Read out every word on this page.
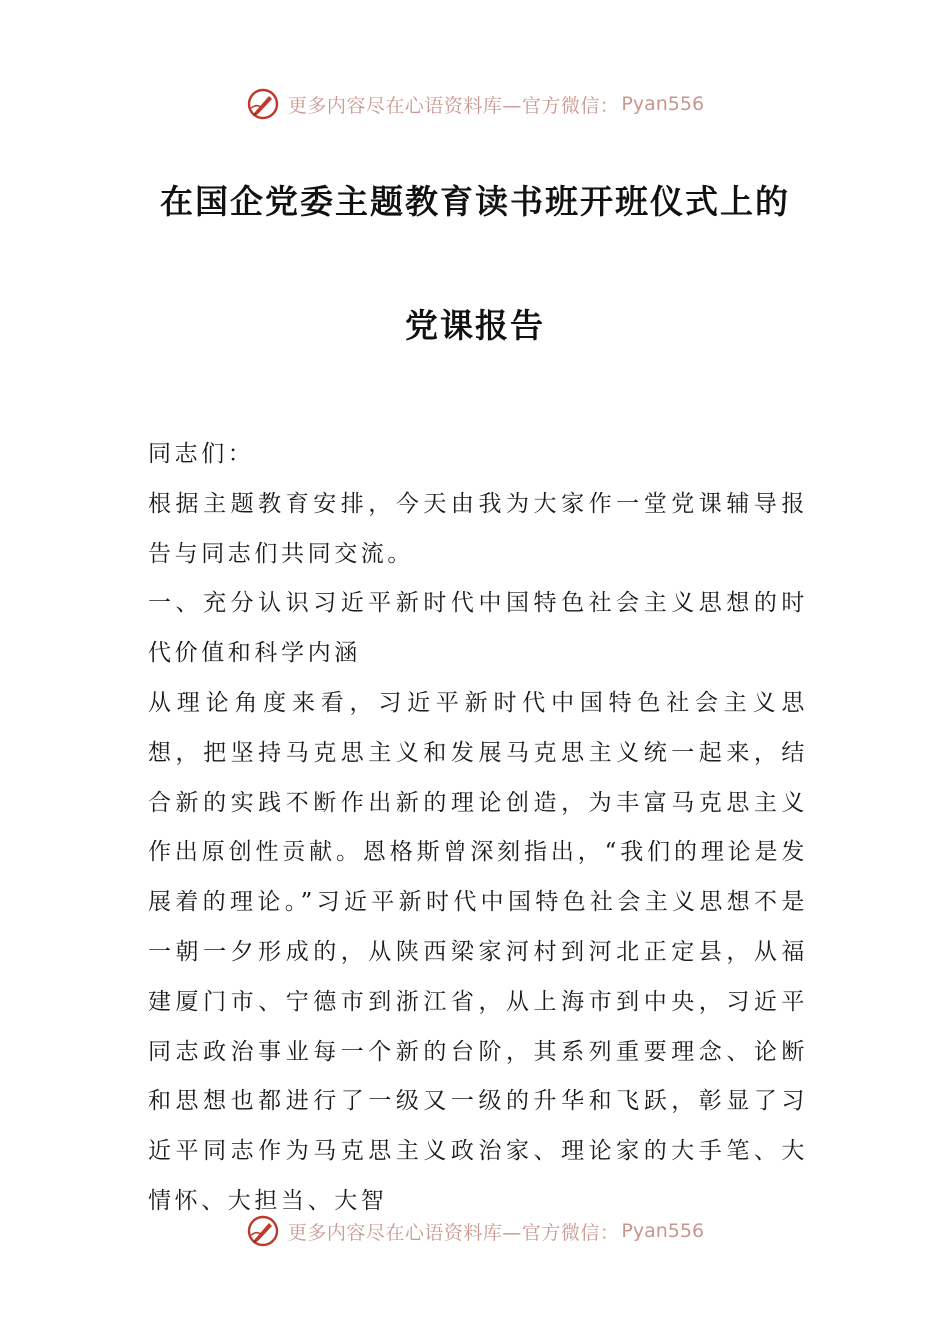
更多内容尽在心语资料库—官方微信： Pyan556
在国企党委主题教育读书班开班仪式上的
党课报告

同志们：

根据主题教育安排，今天由我为大家作一堂党课辅导报告与同志们共同交流。

一、充分认识习近平新时代中国特色社会主义思想的时代价值和科学内涵

从理论角度来看，习近平新时代中国特色社会主义思想，把坚持马克思主义和发展马克思主义统一起来，结合新的实践不断作出新的理论创造，为丰富马克思主义作出原创性贡献。恩格斯曾深刻指出，“我们的理论是发展着的理论。”习近平新时代中国特色社会主义思想不是一朝一夕形成的，从陕西梁家河村到河北正定县，从福建厦门市、宁德市到浙江省，从上海市到中央，习近平同志政治事业每一个新的台阶，其系列重要理念、论断和思想也都进行了一级又一级的升华和飞跃，彰显了习近平同志作为马克思主义政治家、理论家的大手笔、大情怀、大担当、大智

更多内容尽在心语资料库—官方微信： Pyan556
